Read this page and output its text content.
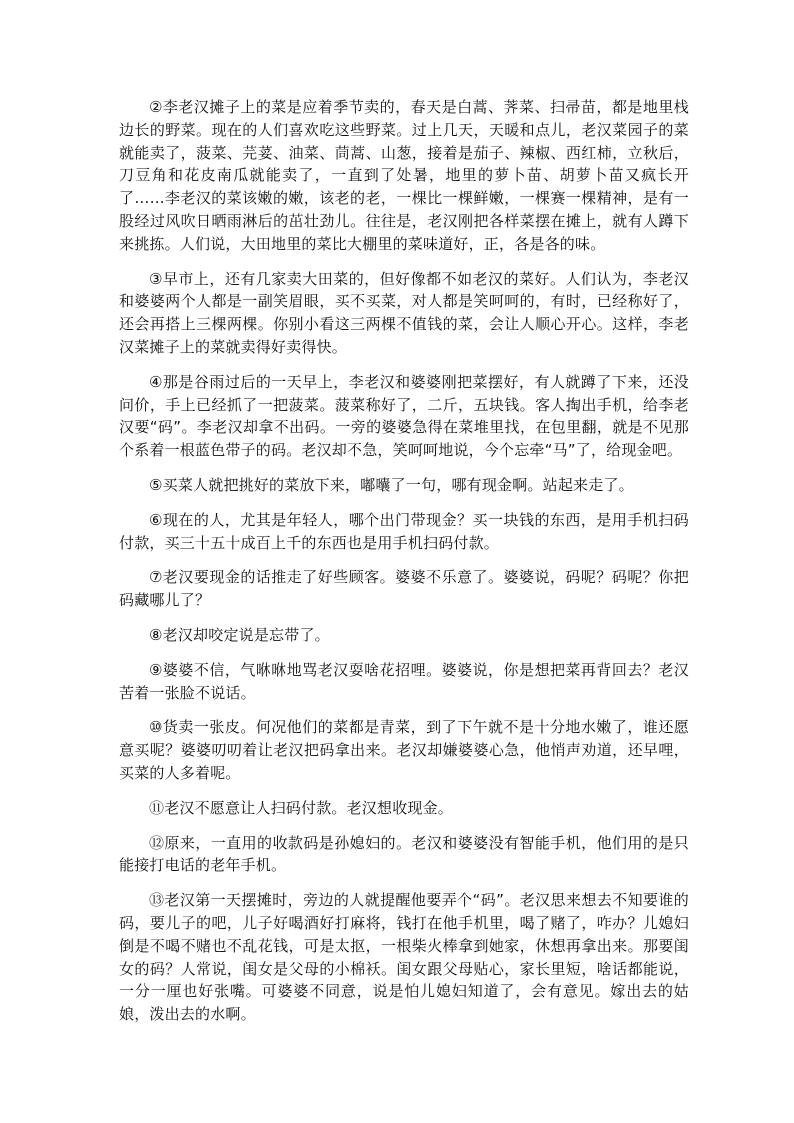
②李老汉摊子上的菜是应着季节卖的，春天是白蒿、荠菜、扫帚苗，都是地里栈边长的野菜。现在的人们喜欢吃这些野菜。过上几天，天暖和点儿，老汉菜园子的菜就能卖了，菠菜、芫荽、油菜、茼蒿、山葱，接着是茄子、辣椒、西红柿，立秋后，刀豆角和花皮南瓜就能卖了，一直到了处暑，地里的萝卜苗、胡萝卜苗又疯长开了……李老汉的菜该嫩的嫩，该老的老，一棵比一棵鲜嫩，一棵赛一棵精神，是有一股经过风吹日晒雨淋后的茁壮劲儿。往往是，老汉刚把各样菜摆在摊上，就有人蹲下来挑拣。人们说，大田地里的菜比大棚里的菜味道好，正，各是各的味。

③早市上，还有几家卖大田菜的，但好像都不如老汉的菜好。人们认为，李老汉和婆婆两个人都是一副笑眉眼，买不买菜，对人都是笑呵呵的，有时，已经称好了，还会再搭上三棵两棵。你别小看这三两棵不值钱的菜，会让人顺心开心。这样，李老汉菜摊子上的菜就卖得好卖得快。

④那是谷雨过后的一天早上，李老汉和婆婆刚把菜摆好，有人就蹲了下来，还没问价，手上已经抓了一把菠菜。菠菜称好了，二斤，五块钱。客人掏出手机，给李老汉要“码”。李老汉却拿不出码。一旁的婆婆急得在菜堆里找，在包里翻，就是不见那个系着一根蓝色带子的码。老汉却不急，笑呵呵地说，今个忘牵“马”了，给现金吧。

⑤买菜人就把挑好的菜放下来，嘟囔了一句，哪有现金啊。站起来走了。

⑥现在的人，尤其是年轻人，哪个出门带现金？买一块钱的东西，是用手机扫码付款，买三十五十成百上千的东西也是用手机扫码付款。

⑦老汉要现金的话推走了好些顾客。婆婆不乐意了。婆婆说，码呢？码呢？你把码藏哪儿了？

⑧老汉却咬定说是忘带了。

⑨婆婆不信，气咻咻地骂老汉耍啥花招哩。婆婆说，你是想把菜再背回去？老汉苦着一张脸不说话。

⑩货卖一张皮。何况他们的菜都是青菜，到了下午就不是十分地水嫩了，谁还愿意买呢？婆婆叨叨着让老汉把码拿出来。老汉却嫌婆婆心急，他悄声劝道，还早哩，买菜的人多着呢。

⑪老汉不愿意让人扫码付款。老汉想收现金。

⑫原来，一直用的收款码是孙媳妇的。老汉和婆婆没有智能手机，他们用的是只能接打电话的老年手机。

⑬老汉第一天摆摊时，旁边的人就提醒他要弄个“码”。老汉思来想去不知要谁的码，要儿子的吧，儿子好喝酒好打麻将，钱打在他手机里，喝了赌了，咋办？儿媳妇倒是不喝不赌也不乱花钱，可是太抠，一根柴火棒拿到她家，休想再拿出来。那要闺女的码？人常说，闺女是父母的小棉袄。闺女跟父母贴心，家长里短，啥话都能说，一分一厘也好张嘴。可婆婆不同意，说是怕儿媳妇知道了，会有意见。嫁出去的姑娘，泼出去的水啊。
